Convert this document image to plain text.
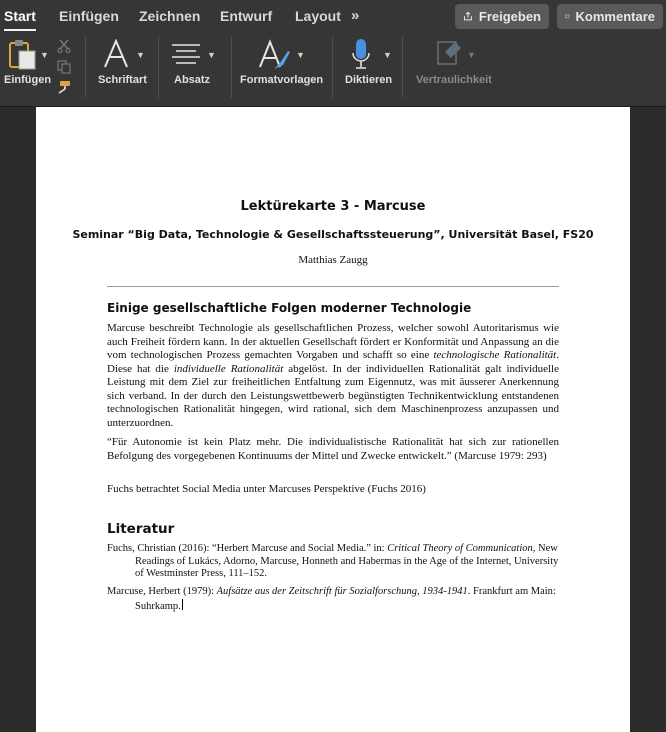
Start Einfügen Zeichnen Entwurf Layout »	Freigeben	Kommentare
▼
Einfügen
▼
Schriftart
▼
Absatz
▼
Formatvorlagen
▼
Diktieren
▼
Vertraulichkeit
Lektürekarte 3 - Marcuse
Seminar “Big Data, Technologie & Gesellschaftssteuerung”, Universität Basel, FS20
Matthias Zaugg
Einige gesellschaftliche Folgen moderner Technologie
Marcuse beschreibt Technologie als gesellschaftlichen Prozess, welcher sowohl Autoritarismus wie auch Freiheit fördern kann. In der aktuellen Gesellschaft fördert er Konformität und Anpassung an die vom technologischen Prozess gemachten Vorgaben und schafft so eine technologische Rationalität. Diese hat die individuelle Rationalität abgelöst. In der individuellen Rationalität galt individuelle Leistung mit dem Ziel zur freiheitlichen Entfaltung zum Eigennutz, was mit äusserer Anerkennung sich verband. In der durch den Leistungswettbewerb begünstigten Technikentwicklung entstandenen technologischen Rationalität hingegen, wird rational, sich dem Maschinenprozess anzupassen und unterzuordnen.
“Für Autonomie ist kein Platz mehr. Die individualistische Rationalität hat sich zur rationellen Befolgung des vorgegebenen Kontinuums der Mittel und Zwecke entwickelt.” (Marcuse 1979: 293)
Fuchs betrachtet Social Media unter Marcuses Perspektive (Fuchs 2016)
Literatur
Fuchs, Christian (2016): “Herbert Marcuse and Social Media.” in: Critical Theory of Communication, New Readings of Lukács, Adorno, Marcuse, Honneth and Habermas in the Age of the Internet, University of Westminster Press, 111–152.
Marcuse, Herbert (1979): Aufsätze aus der Zeitschrift für Sozialforschung, 1934-1941. Frankfurt am Main: Suhrkamp.
